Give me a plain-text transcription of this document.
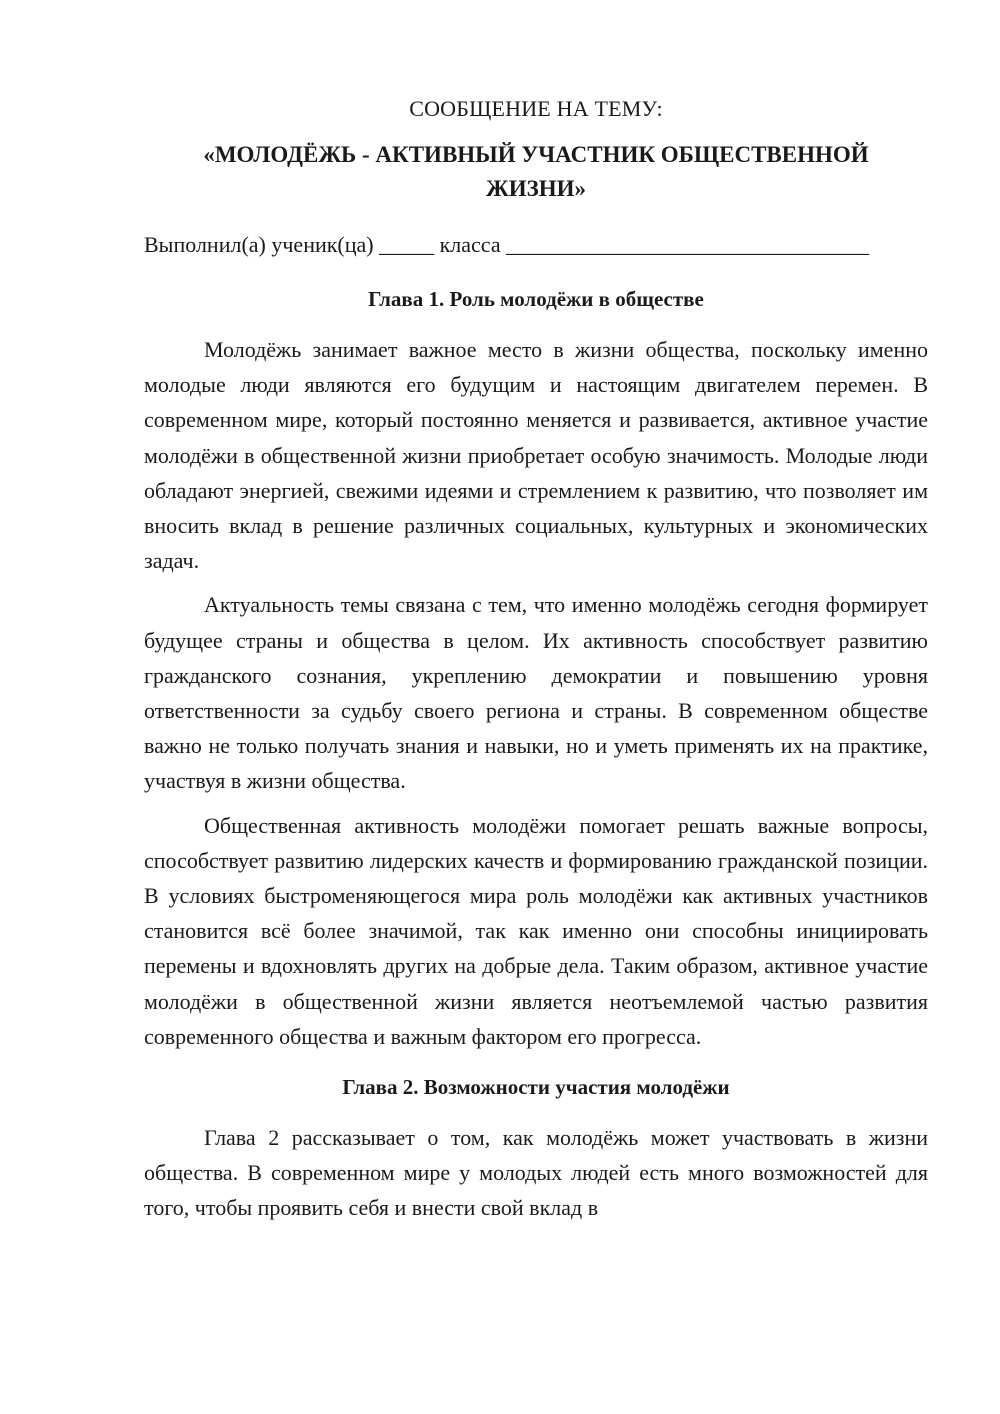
СООБЩЕНИЕ НА ТЕМУ:

«МОЛОДЁЖЬ - АКТИВНЫЙ УЧАСТНИК ОБЩЕСТВЕННОЙ
ЖИЗНИ»
Выполнил(а) ученик(ца) _____ класса _________________________________
Глава 1. Роль молодёжи в обществе

Молодёжь занимает важное место в жизни общества, поскольку именно молодые люди являются его будущим и настоящим двигателем перемен. В современном мире, который постоянно меняется и развивается, активное участие молодёжи в общественной жизни приобретает особую значимость. Молодые люди обладают энергией, свежими идеями и стремлением к развитию, что позволяет им вносить вклад в решение различных социальных, культурных и экономических задач.

Актуальность темы связана с тем, что именно молодёжь сегодня формирует будущее страны и общества в целом. Их активность способствует развитию гражданского сознания, укреплению демократии и повышению уровня ответственности за судьбу своего региона и страны. В современном обществе важно не только получать знания и навыки, но и уметь применять их на практике, участвуя в жизни общества.

Общественная активность молодёжи помогает решать важные вопросы, способствует развитию лидерских качеств и формированию гражданской позиции. В условиях быстроменяющегося мира роль молодёжи как активных участников становится всё более значимой, так как именно они способны инициировать перемены и вдохновлять других на добрые дела. Таким образом, активное участие молодёжи в общественной жизни является неотъемлемой частью развития современного общества и важным фактором его прогресса.

Глава 2. Возможности участия молодёжи

Глава 2 рассказывает о том, как молодёжь может участвовать в жизни общества. В современном мире у молодых людей есть много возможностей для того, чтобы проявить себя и внести свой вклад в
